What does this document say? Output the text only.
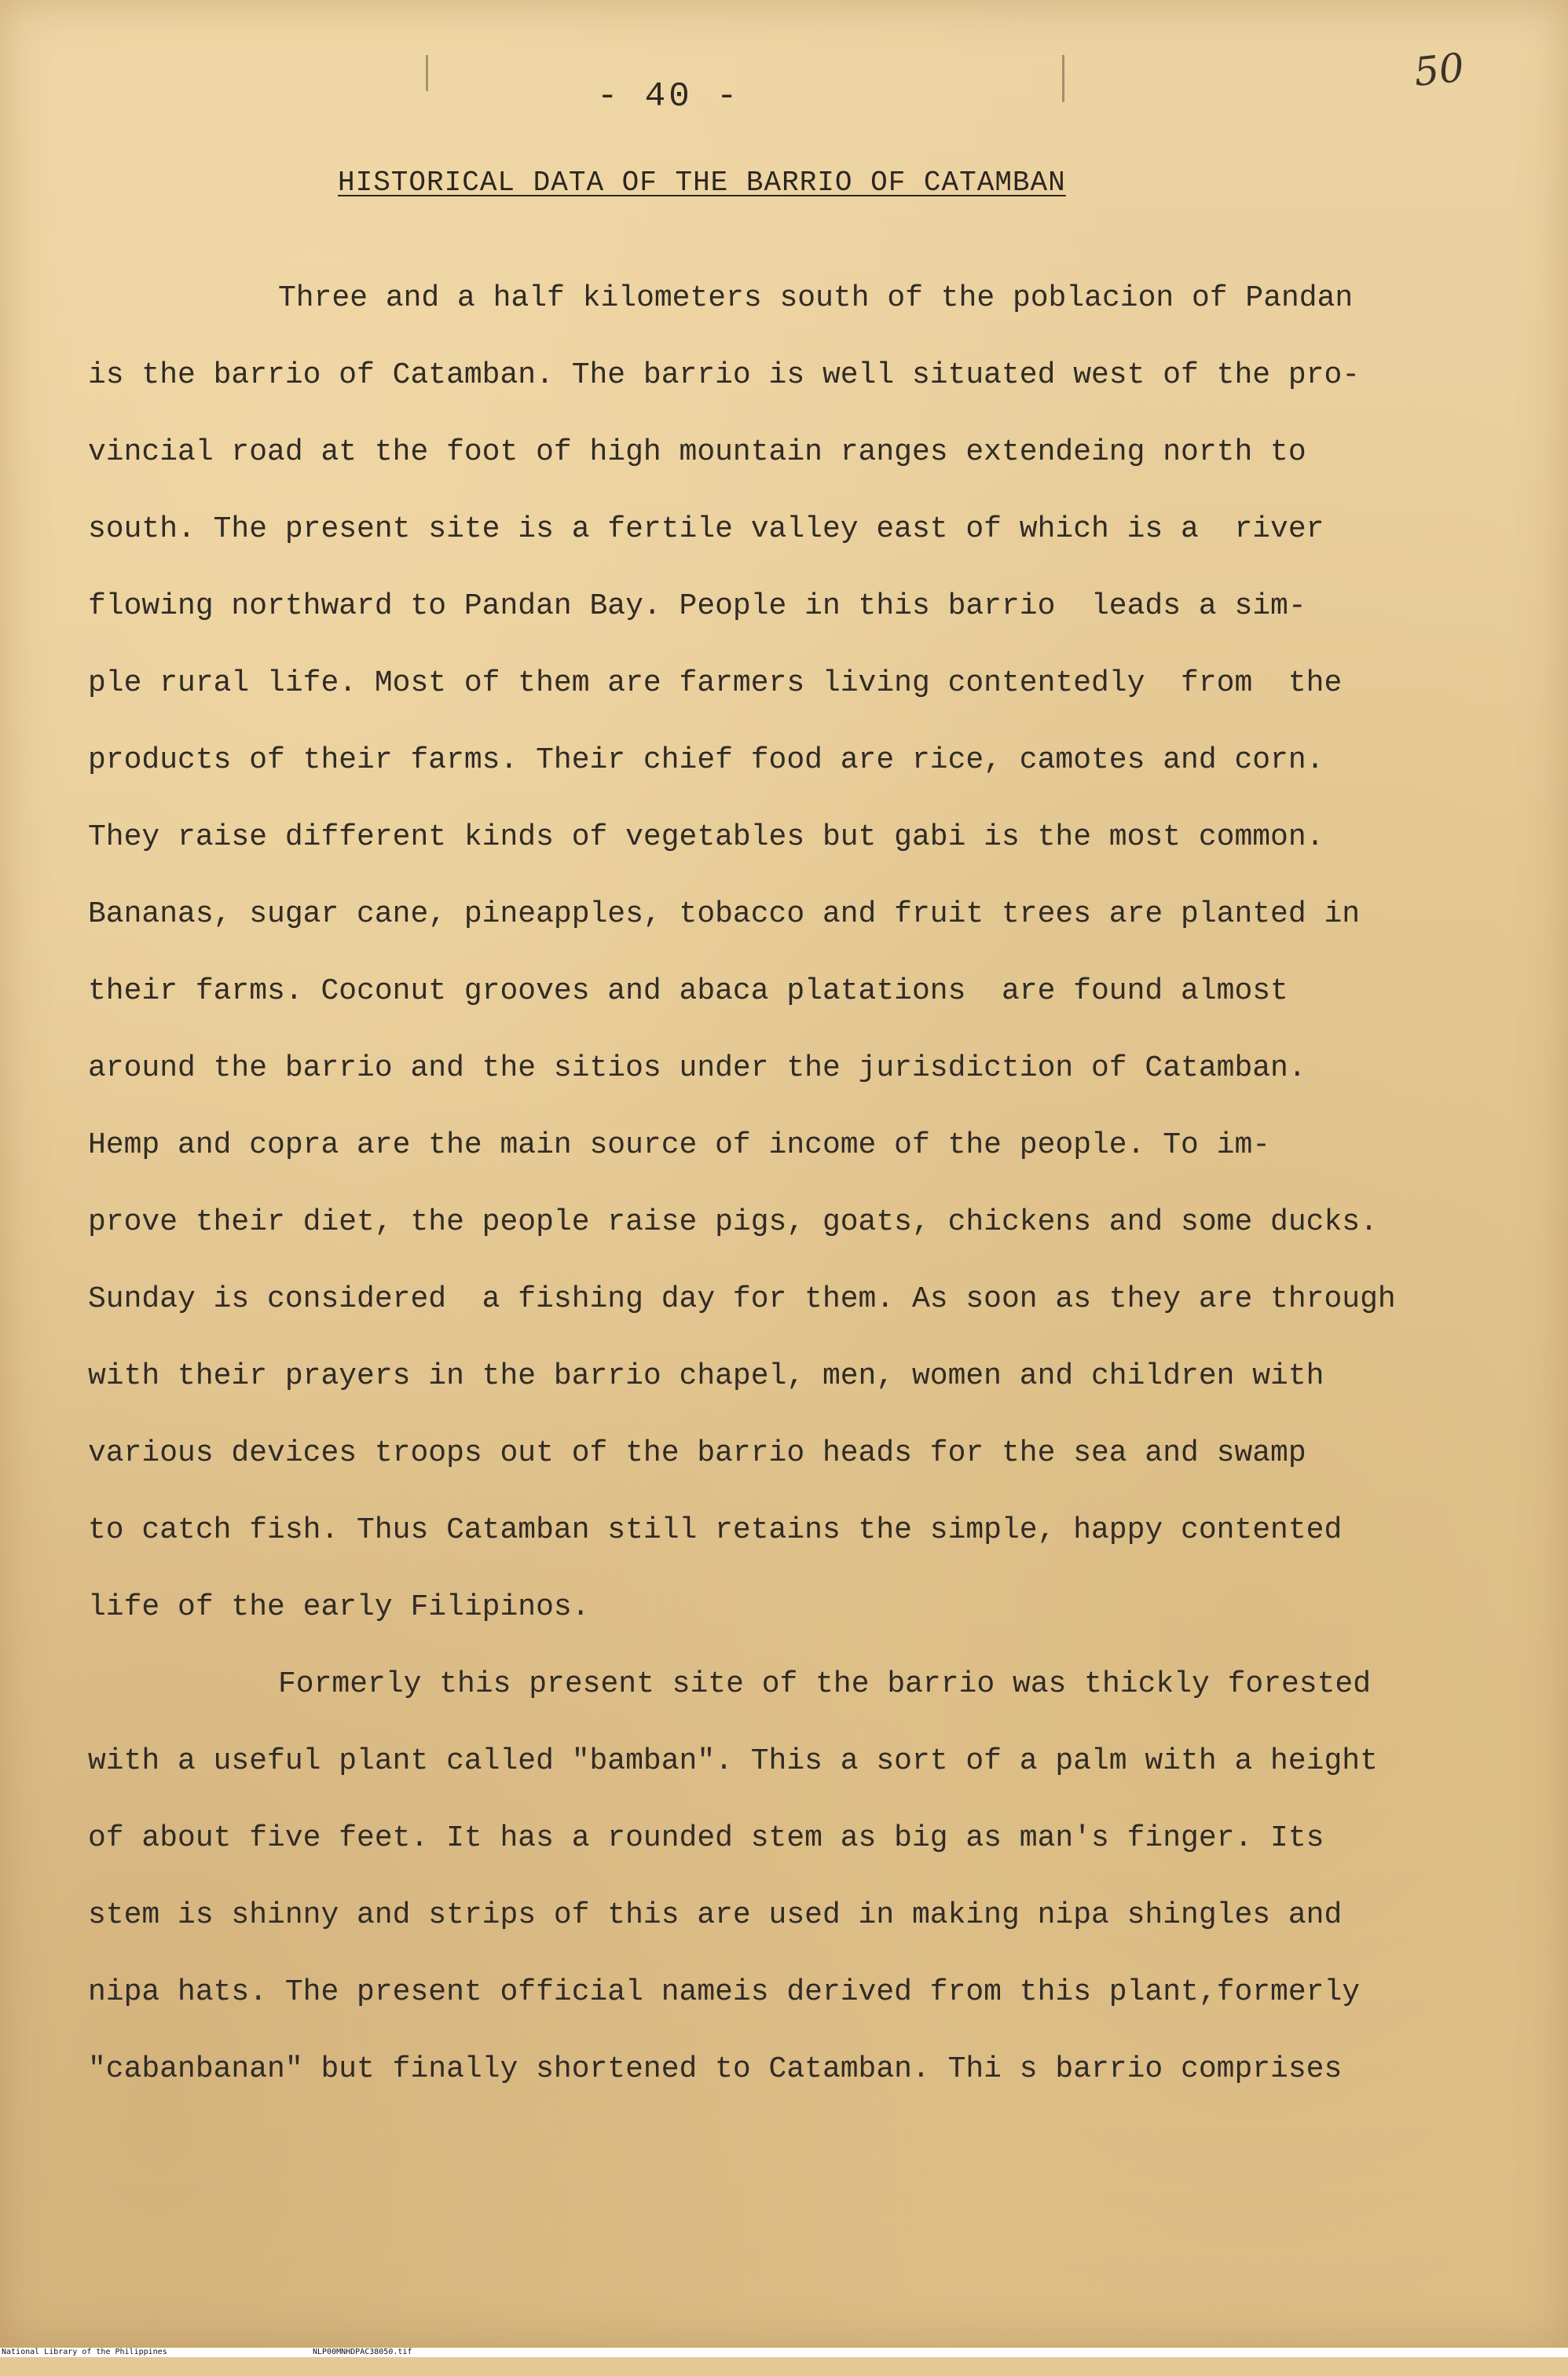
- 40 -
50
HISTORICAL DATA OF THE BARRIO OF CATAMBAN
Three and a half kilometers south of the poblacion of Pandan
is the barrio of Catamban. The barrio is well situated west of the pro-
vincial road at the foot of high mountain ranges extendeing north to
south. The present site is a fertile valley east of which is a  river
flowing northward to Pandan Bay. People in this barrio  leads a sim-
ple rural life. Most of them are farmers living contentedly  from  the
products of their farms. Their chief food are rice, camotes and corn.
They raise different kinds of vegetables but gabi is the most common.
Bananas, sugar cane, pineapples, tobacco and fruit trees are planted in
their farms. Coconut grooves and abaca platations  are found almost
around the barrio and the sitios under the jurisdiction of Catamban.
Hemp and copra are the main source of income of the people. To im-
prove their diet, the people raise pigs, goats, chickens and some ducks.
Sunday is considered  a fishing day for them. As soon as they are through
with their prayers in the barrio chapel, men, women and children with
various devices troops out of the barrio heads for the sea and swamp
to catch fish. Thus Catamban still retains the simple, happy contented
life of the early Filipinos.
Formerly this present site of the barrio was thickly forested
with a useful plant called "bamban". This a sort of a palm with a height
of about five feet. It has a rounded stem as big as man's finger. Its
stem is shinny and strips of this are used in making nipa shingles and
nipa hats. The present official nameis derived from this plant,formerly
"cabanbanan" but finally shortened to Catamban. Thi s barrio comprises

National Library of the Philippines

	NLP00MNHDPAC38050.tif
